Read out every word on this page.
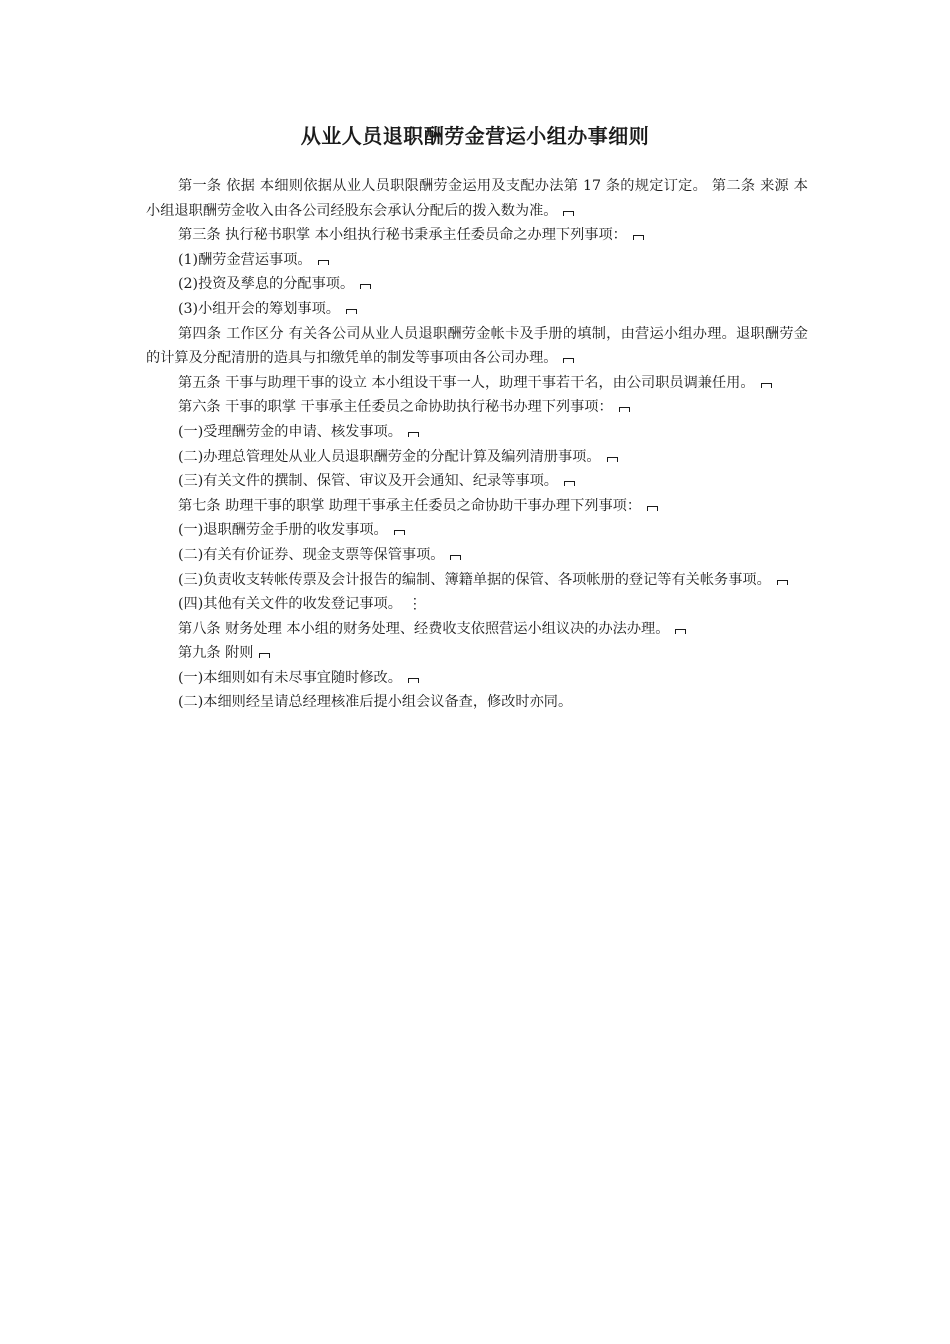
从业人员退职酬劳金营运小组办事细则

第一条 依据 本细则依据从业人员职限酬劳金运用及支配办法第 17 条的规定订定。 第二条 来源 本小组退职酬劳金收入由各公司经股东会承认分配后的拨入数为准。

第三条 执行秘书职掌 本小组执行秘书秉承主任委员命之办理下列事项：

(1)酬劳金营运事项。

(2)投资及孳息的分配事项。

(3)小组开会的筹划事项。

第四条 工作区分 有关各公司从业人员退职酬劳金帐卡及手册的填制，由营运小组办理。退职酬劳金的计算及分配清册的造具与扣缴凭单的制发等事项由各公司办理。

第五条 干事与助理干事的设立 本小组设干事一人，助理干事若干名，由公司职员调兼任用。

第六条 干事的职掌 干事承主任委员之命协助执行秘书办理下列事项：

(一)受理酬劳金的申请、核发事项。

(二)办理总管理处从业人员退职酬劳金的分配计算及编列清册事项。

(三)有关文件的撰制、保管、审议及开会通知、纪录等事项。

第七条 助理干事的职掌 助理干事承主任委员之命协助干事办理下列事项：

(一)退职酬劳金手册的收发事项。

(二)有关有价证券、现金支票等保管事项。

(三)负责收支转帐传票及会计报告的编制、簿籍单据的保管、各项帐册的登记等有关帐务事项。

(四)其他有关文件的收发登记事项。 ⋮

第八条 财务处理 本小组的财务处理、经费收支依照营运小组议决的办法办理。

第九条 附则

(一)本细则如有未尽事宜随时修改。

(二)本细则经呈请总经理核准后提小组会议备查，修改时亦同。
